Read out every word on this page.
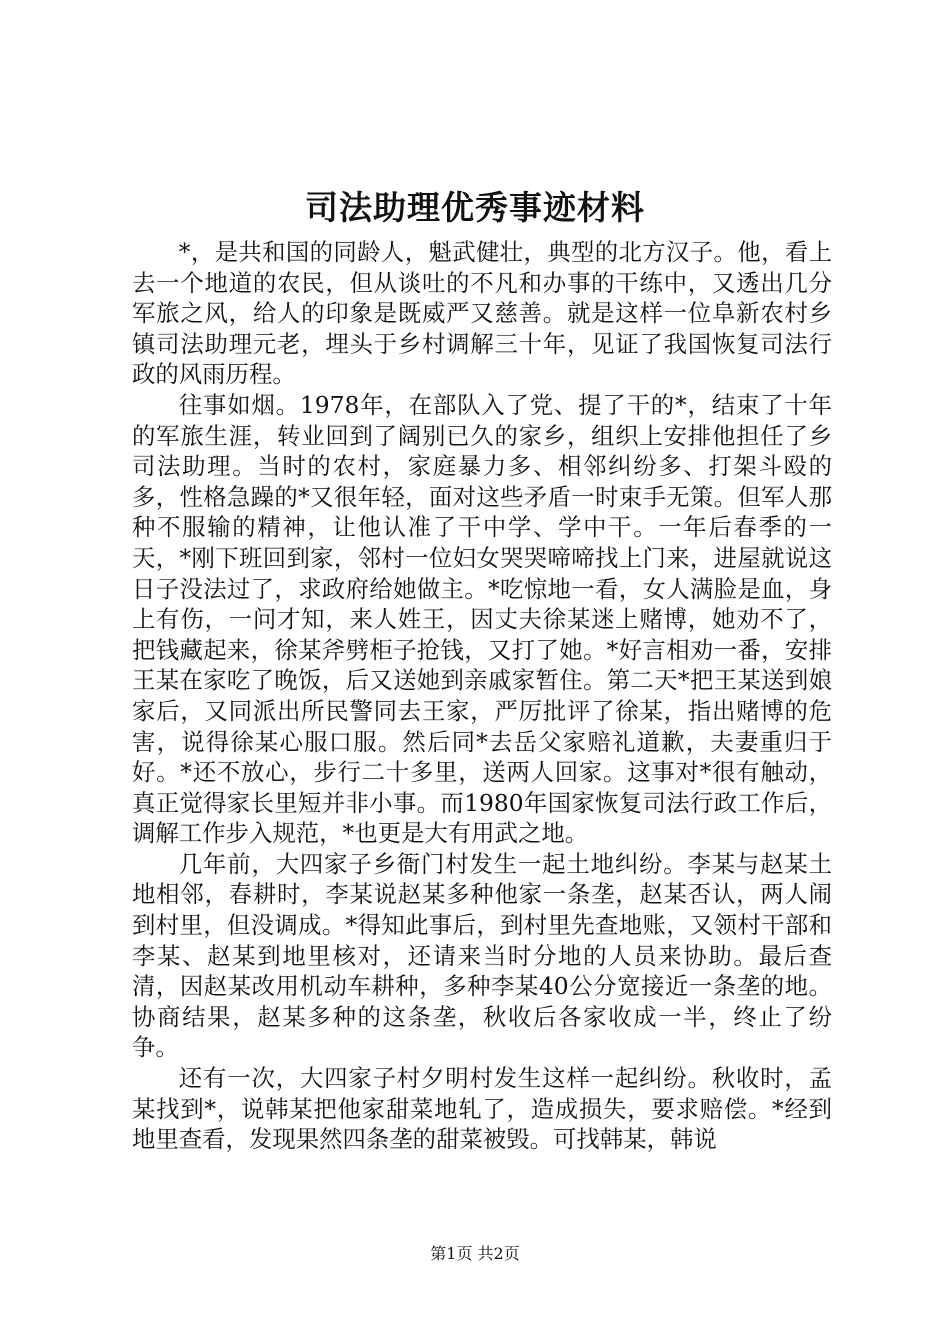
司法助理优秀事迹材料

*，是共和国的同龄人，魁武健壮，典型的北方汉子。他，看上去一个地道的农民，但从谈吐的不凡和办事的干练中，又透出几分军旅之风，给人的印象是既威严又慈善。就是这样一位阜新农村乡镇司法助理元老，埋头于乡村调解三十年，见证了我国恢复司法行政的风雨历程。

往事如烟。1978年，在部队入了党、提了干的*，结束了十年的军旅生涯，转业回到了阔别已久的家乡，组织上安排他担任了乡司法助理。当时的农村，家庭暴力多、相邻纠纷多、打架斗殴的多，性格急躁的*又很年轻，面对这些矛盾一时束手无策。但军人那种不服输的精神，让他认准了干中学、学中干。一年后春季的一天，*刚下班回到家，邻村一位妇女哭哭啼啼找上门来，进屋就说这日子没法过了，求政府给她做主。*吃惊地一看，女人满脸是血，身上有伤，一问才知，来人姓王，因丈夫徐某迷上赌博，她劝不了，把钱藏起来，徐某斧劈柜子抢钱，又打了她。*好言相劝一番，安排王某在家吃了晚饭，后又送她到亲戚家暂住。第二天*把王某送到娘家后，又同派出所民警同去王家，严厉批评了徐某，指出赌博的危害，说得徐某心服口服。然后同*去岳父家赔礼道歉，夫妻重归于好。*还不放心，步行二十多里，送两人回家。这事对*很有触动，真正觉得家长里短并非小事。而1980年国家恢复司法行政工作后，调解工作步入规范，*也更是大有用武之地。

几年前，大四家子乡衙门村发生一起土地纠纷。李某与赵某土地相邻，春耕时，李某说赵某多种他家一条垄，赵某否认，两人闹到村里，但没调成。*得知此事后，到村里先查地账，又领村干部和李某、赵某到地里核对，还请来当时分地的人员来协助。最后查清，因赵某改用机动车耕种，多种李某40公分宽接近一条垄的地。协商结果，赵某多种的这条垄，秋收后各家收成一半，终止了纷争。

还有一次，大四家子村夕明村发生这样一起纠纷。秋收时，孟某找到*，说韩某把他家甜菜地轧了，造成损失，要求赔偿。*经到地里查看，发现果然四条垄的甜菜被毁。可找韩某，韩说

第1页 共2页
